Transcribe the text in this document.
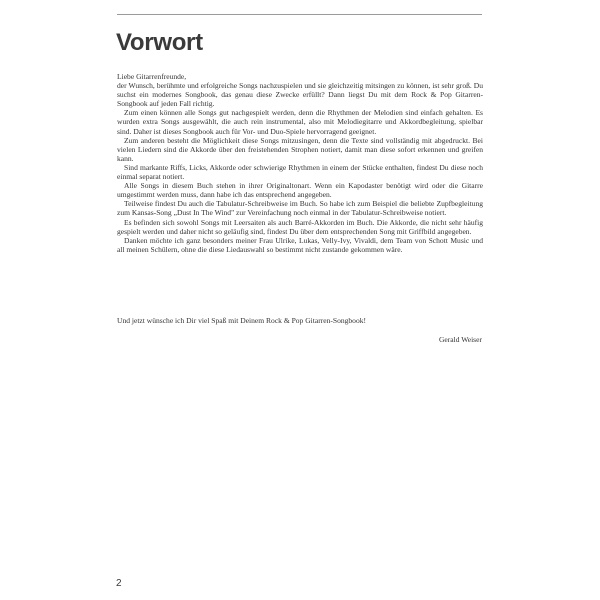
Vorwort

Liebe Gitarrenfreunde,

der Wunsch, berühmte und erfolgreiche Songs nachzuspielen und sie gleichzeitig mitsingen zu können, ist sehr groß. Du suchst ein modernes Songbook, das genau diese Zwecke erfüllt? Dann liegst Du mit dem Rock & Pop Gitarren-Songbook auf jeden Fall richtig.

Zum einen können alle Songs gut nachgespielt werden, denn die Rhythmen der Melodien sind einfach gehalten. Es wurden extra Songs ausgewählt, die auch rein instrumental, also mit Melodiegitarre und Akkordbegleitung, spielbar sind. Daher ist dieses Songbook auch für Vor- und Duo-Spiele hervorragend geeignet.

Zum anderen besteht die Möglichkeit diese Songs mitzusingen, denn die Texte sind vollständig mit abgedruckt. Bei vielen Liedern sind die Akkorde über den freistehenden Strophen notiert, damit man diese sofort erkennen und greifen kann.

Sind markante Riffs, Licks, Akkorde oder schwierige Rhythmen in einem der Stücke enthalten, findest Du diese noch einmal separat notiert.

Alle Songs in diesem Buch stehen in ihrer Originaltonart. Wenn ein Kapodaster benötigt wird oder die Gitarre umgestimmt werden muss, dann habe ich das entsprechend angegeben.

Teilweise findest Du auch die Tabulatur-Schreibweise im Buch. So habe ich zum Beispiel die beliebte Zupfbegleitung zum Kansas-Song „Dust In The Wind" zur Vereinfachung noch einmal in der Tabulatur-Schreibweise notiert.

Es befinden sich sowohl Songs mit Leersaiten als auch Barré-Akkorden im Buch. Die Akkorde, die nicht sehr häufig gespielt werden und daher nicht so geläufig sind, findest Du über dem entsprechenden Song mit Griffbild angegeben.

Danken möchte ich ganz besonders meiner Frau Ulrike, Lukas, Velly-Ivy, Vivaldi, dem Team von Schott Music und all meinen Schülern, ohne die diese Liedauswahl so bestimmt nicht zustande gekommen wäre.

Und jetzt wünsche ich Dir viel Spaß mit Deinem Rock & Pop Gitarren-Songbook!

Gerald Weiser

2
